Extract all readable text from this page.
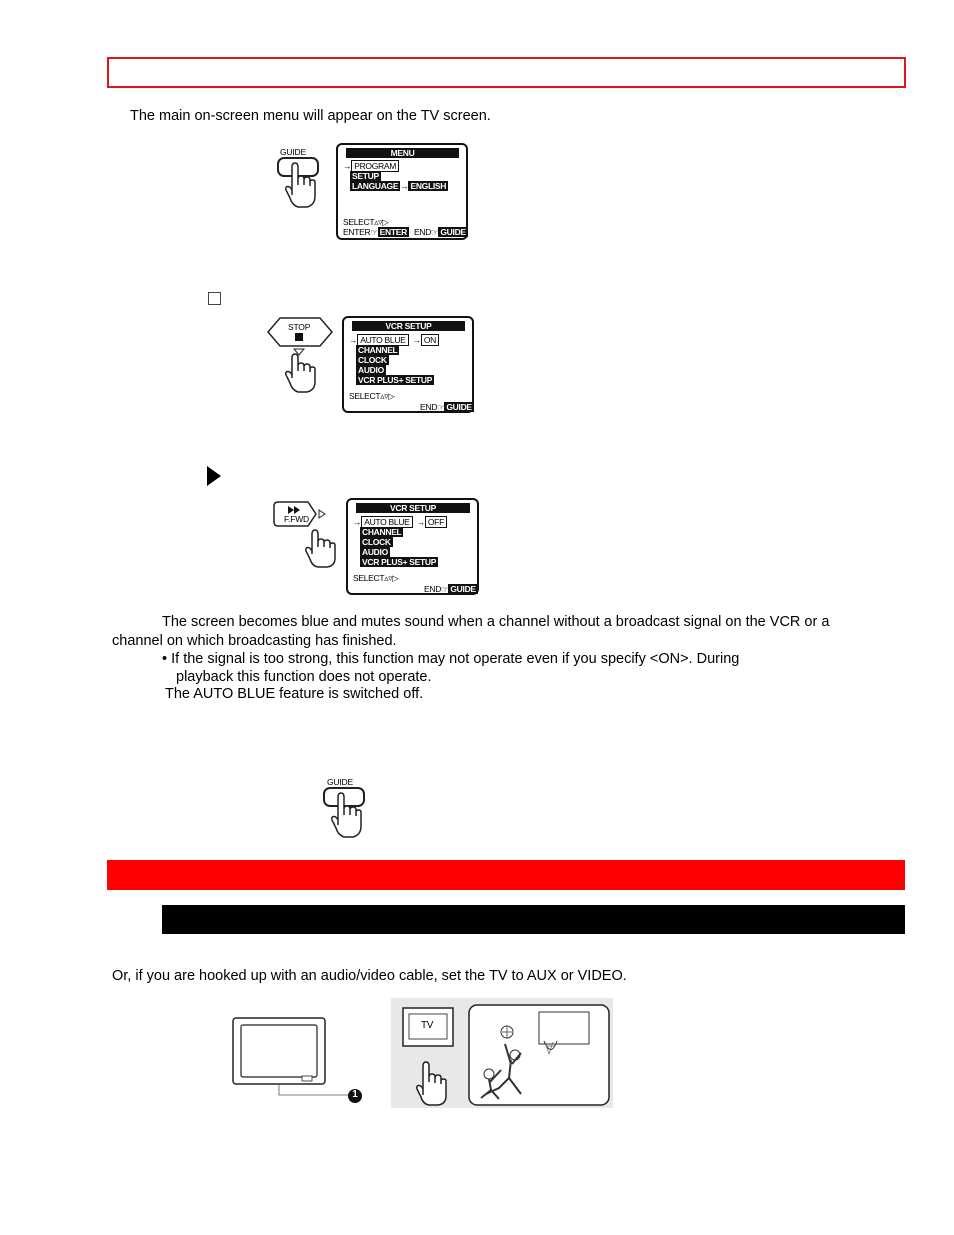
The main on-screen menu will appear on the TV screen.
GUIDE	MENU
→ PROGRAM
SETUP
LANGUAGE → ENGLISH
SELECT▵▿▷
ENTER☞ ENTER END☞ GUIDE
STOP	VCR SETUP
→ AUTO BLUE  → ON
CHANNEL
CLOCK
AUDIO
VCR PLUS+ SETUP
SELECT▵▿▷
END☞ GUIDE
F.FWD
VCR SETUP
→ AUTO BLUE  → OFF
CHANNEL
CLOCK
AUDIO
VCR PLUS+ SETUP
SELECT▵▿▷
END☞ GUIDE
The screen becomes blue and mutes sound when a channel without a broadcast signal on the VCR or a
channel on which broadcasting has finished.
• If the signal is too strong, this function may not operate even if you specify <ON>. During
playback this function does not operate.
The AUTO BLUE feature is switched off.
GUIDE
Or, if you are hooked up with an audio/video cable, set the TV to AUX or VIDEO.
1
TV
